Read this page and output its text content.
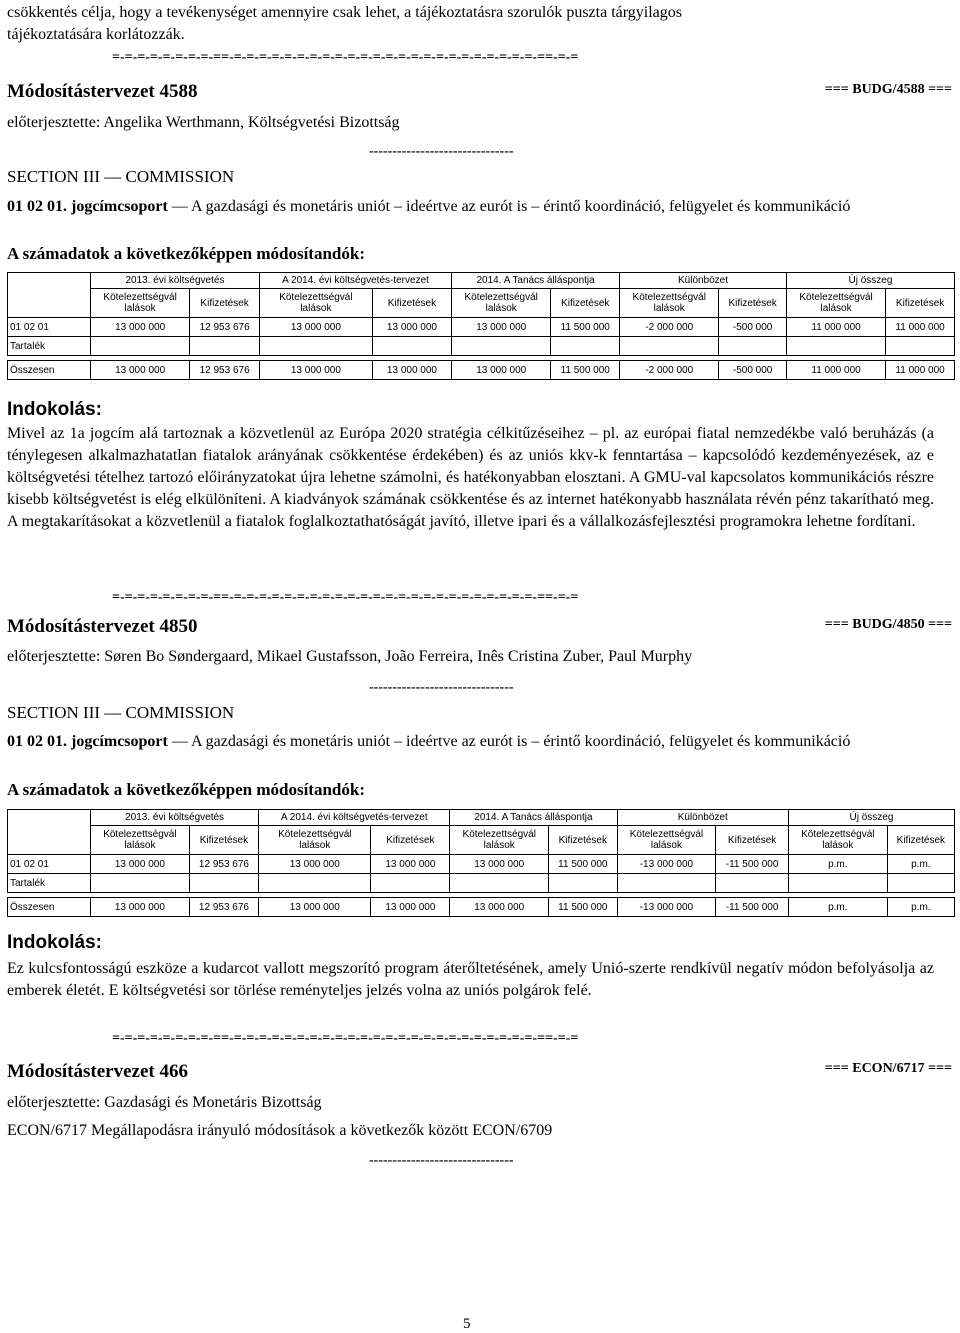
csökkentés célja, hogy a tevékenységet amennyire csak lehet, a tájékoztatásra szorulók puszta tárgyilagos
tájékoztatására korlátozzák.

=-=-=-=-=-=-=-=-==-=-=-=-=-=-=-=-=-=-=-=-=-=-=-=-=-=-=-=-=-=-=-=-=-==-=-=
Módosítástervezet 4588	=== BUDG/4588 ===
előterjesztette: Angelika Werthmann, Költségvetési Bizottság
-------------------------------
SECTION III — COMMISSION

01 02 01. jogcímcsoport — A gazdasági és monetáris uniót – ideértve az eurót is – érintő koordináció, felügyelet és kommunikáció

A számadatok a következőképpen módosítandók:
	2013. évi költségvetés		A 2014. évi költségvetés-tervezet		2014. A Tanács álláspontja		Különbözet		Új összeg	
	Kötelezettségvál
lalások	Kifizetések	Kötelezettségvál
lalások	Kifizetések	Kötelezettségvál
lalások	Kifizetések	Kötelezettségvál
lalások	Kifizetések	Kötelezettségvál
lalások	Kifizetések
01 02 01	13 000 000	12 953 676	13 000 000	13 000 000	13 000 000	11 500 000	-2 000 000	-500 000	11 000 000	11 000 000
Tartalék										

Összesen	13 000 000	12 953 676	13 000 000	13 000 000	13 000 000	11 500 000	-2 000 000	-500 000	11 000 000	11 000 000
Indokolás:

Mivel az 1a jogcím alá tartoznak a közvetlenül az Európa 2020 stratégia célkitűzéseihez – pl. az európai fiatal nemzedékbe való beruházás (a ténylegesen alkalmazhatatlan fiatalok arányának csökkentése érdekében) és az uniós kkv-k fenntartása – kapcsolódó kezdeményezések, az e költségvetési tételhez tartozó előirányzatokat újra lehetne számolni, és hatékonyabban elosztani. A GMU-val kapcsolatos kommunikációs részre kisebb költségvetést is elég elkülöníteni. A kiadványok számának csökkentése és az internet hatékonyabb használata révén pénz takarítható meg. A megtakarításokat a közvetlenül a fiatalok foglalkoztathatóságát javító, illetve ipari és a vállalkozásfejlesztési programokra lehetne fordítani.

=-=-=-=-=-=-=-=-==-=-=-=-=-=-=-=-=-=-=-=-=-=-=-=-=-=-=-=-=-=-=-=-=-==-=-=
Módosítástervezet 4850	=== BUDG/4850 ===
előterjesztette: Søren Bo Søndergaard, Mikael Gustafsson, João Ferreira, Inês Cristina Zuber, Paul Murphy
-------------------------------
SECTION III — COMMISSION

01 02 01. jogcímcsoport — A gazdasági és monetáris uniót – ideértve az eurót is – érintő koordináció, felügyelet és kommunikáció

A számadatok a következőképpen módosítandók:
	2013. évi költségvetés		A 2014. évi költségvetés-tervezet		2014. A Tanács álláspontja		Különbözet		Új összeg	
	Kötelezettségvál
lalások	Kifizetések	Kötelezettségvál
lalások	Kifizetések	Kötelezettségvál
lalások	Kifizetések	Kötelezettségvál
lalások	Kifizetések	Kötelezettségvál
lalások	Kifizetések
01 02 01	13 000 000	12 953 676	13 000 000	13 000 000	13 000 000	11 500 000	-13 000 000	-11 500 000	p.m.	p.m.
Tartalék										

Összesen	13 000 000	12 953 676	13 000 000	13 000 000	13 000 000	11 500 000	-13 000 000	-11 500 000	p.m.	p.m.
Indokolás:

Ez kulcsfontosságú eszköze a kudarcot vallott megszorító program áterőltetésének, amely Unió-szerte rendkívül negatív módon befolyásolja az emberek életét. E költségvetési sor törlése reményteljes jelzés volna az uniós polgárok felé.

=-=-=-=-=-=-=-=-==-=-=-=-=-=-=-=-=-=-=-=-=-=-=-=-=-=-=-=-=-=-=-=-=-==-=-=
Módosítástervezet 466	=== ECON/6717 ===
előterjesztette: Gazdasági és Monetáris Bizottság
ECON/6717 Megállapodásra irányuló módosítások a következők között ECON/6709
-------------------------------
5
